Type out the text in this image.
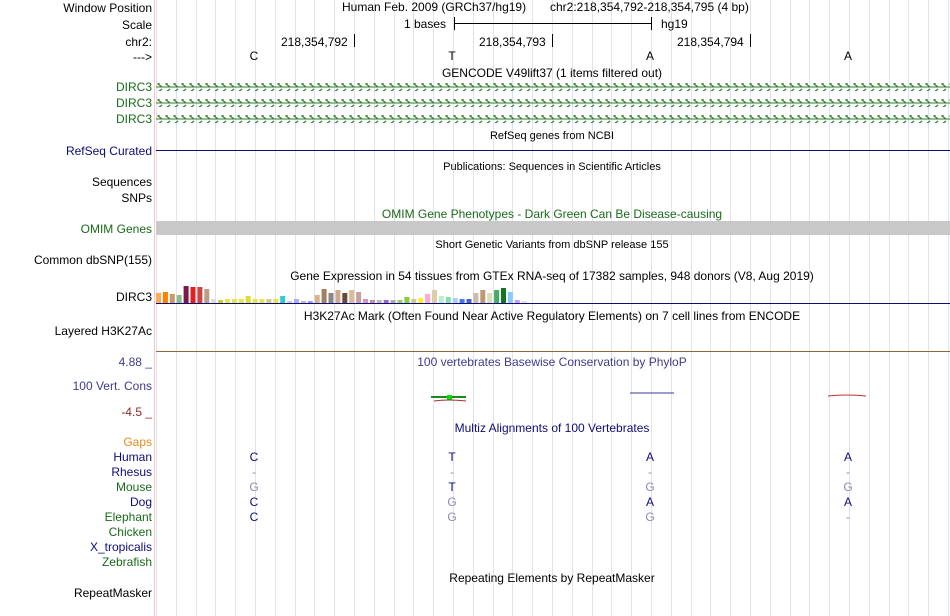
Window Position
Scale
chr2:
--->
Human Feb. 2009 (GRCh37/hg19) chr2:218,354,792-218,354,795 (4 bp)
1 bases	hg19
218,354,792	218,354,793	218,354,794
C	T	A	A
GENCODE V49lift37 (1 items filtered out)
DIRC3
DIRC3
DIRC3
RefSeq genes from NCBI
RefSeq Curated
Publications: Sequences in Scientific Articles
Sequences
SNPs
OMIM Gene Phenotypes - Dark Green Can Be Disease-causing
OMIM Genes
Short Genetic Variants from dbSNP release 155
Common dbSNP(155)
Gene Expression in 54 tissues from GTEx RNA-seq of 17382 samples, 948 donors (V8, Aug 2019)
DIRC3
H3K27Ac Mark (Often Found Near Active Regulatory Elements) on 7 cell lines from ENCODE
Layered H3K27Ac
100 vertebrates Basewise Conservation by PhyloP
4.88 _
100 Vert. Cons
-4.5 _
Multiz Alignments of 100 Vertebrates
Gaps
Human	C	T	A	A
Rhesus	-	-	-	-
Mouse	G	T	G	G
Dog	C	G	A	A
Elephant	C	G	G	-
Chicken
X_tropicalis
Zebrafish
Repeating Elements by RepeatMasker
RepeatMasker
